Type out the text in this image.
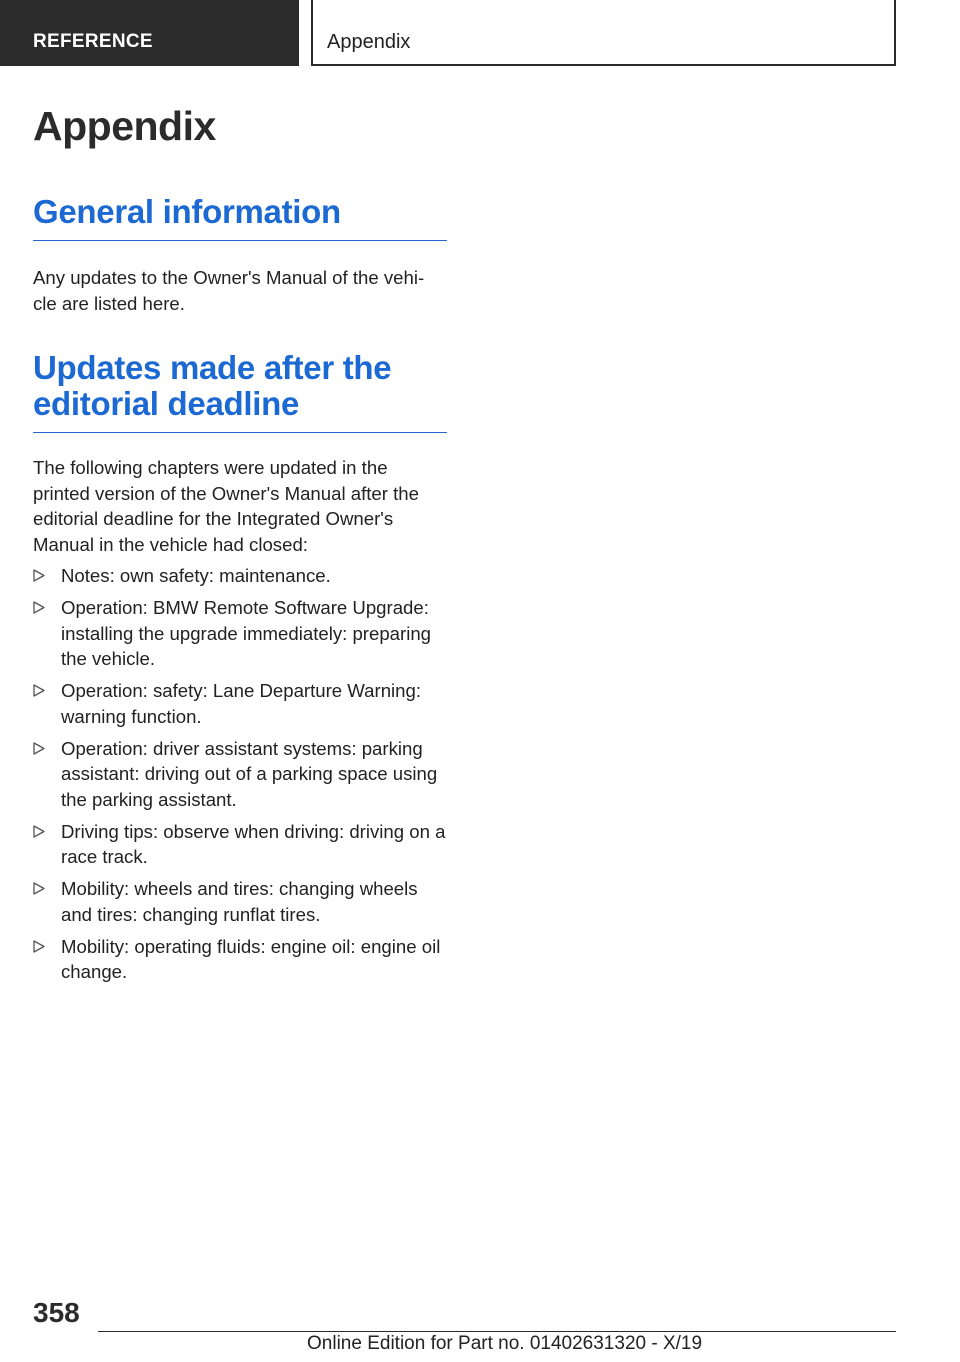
REFERENCE	Appendix
Appendix
General information

Any updates to the Owner's Manual of the vehi-cle are listed here.

Updates made after the editorial deadline

The following chapters were updated in the printed version of the Owner's Manual after the editorial deadline for the Integrated Owner's Manual in the vehicle had closed:

Notes: own safety: maintenance.
Operation: BMW Remote Software Upgrade: installing the upgrade immediately: preparing the vehicle.
Operation: safety: Lane Departure Warning: warning function.
Operation: driver assistant systems: parking assistant: driving out of a parking space using the parking assistant.
Driving tips: observe when driving: driving on a race track.
Mobility: wheels and tires: changing wheels and tires: changing runflat tires.
Mobility: operating fluids: engine oil: engine oil change.
358
Online Edition for Part no. 01402631320 - X/19
